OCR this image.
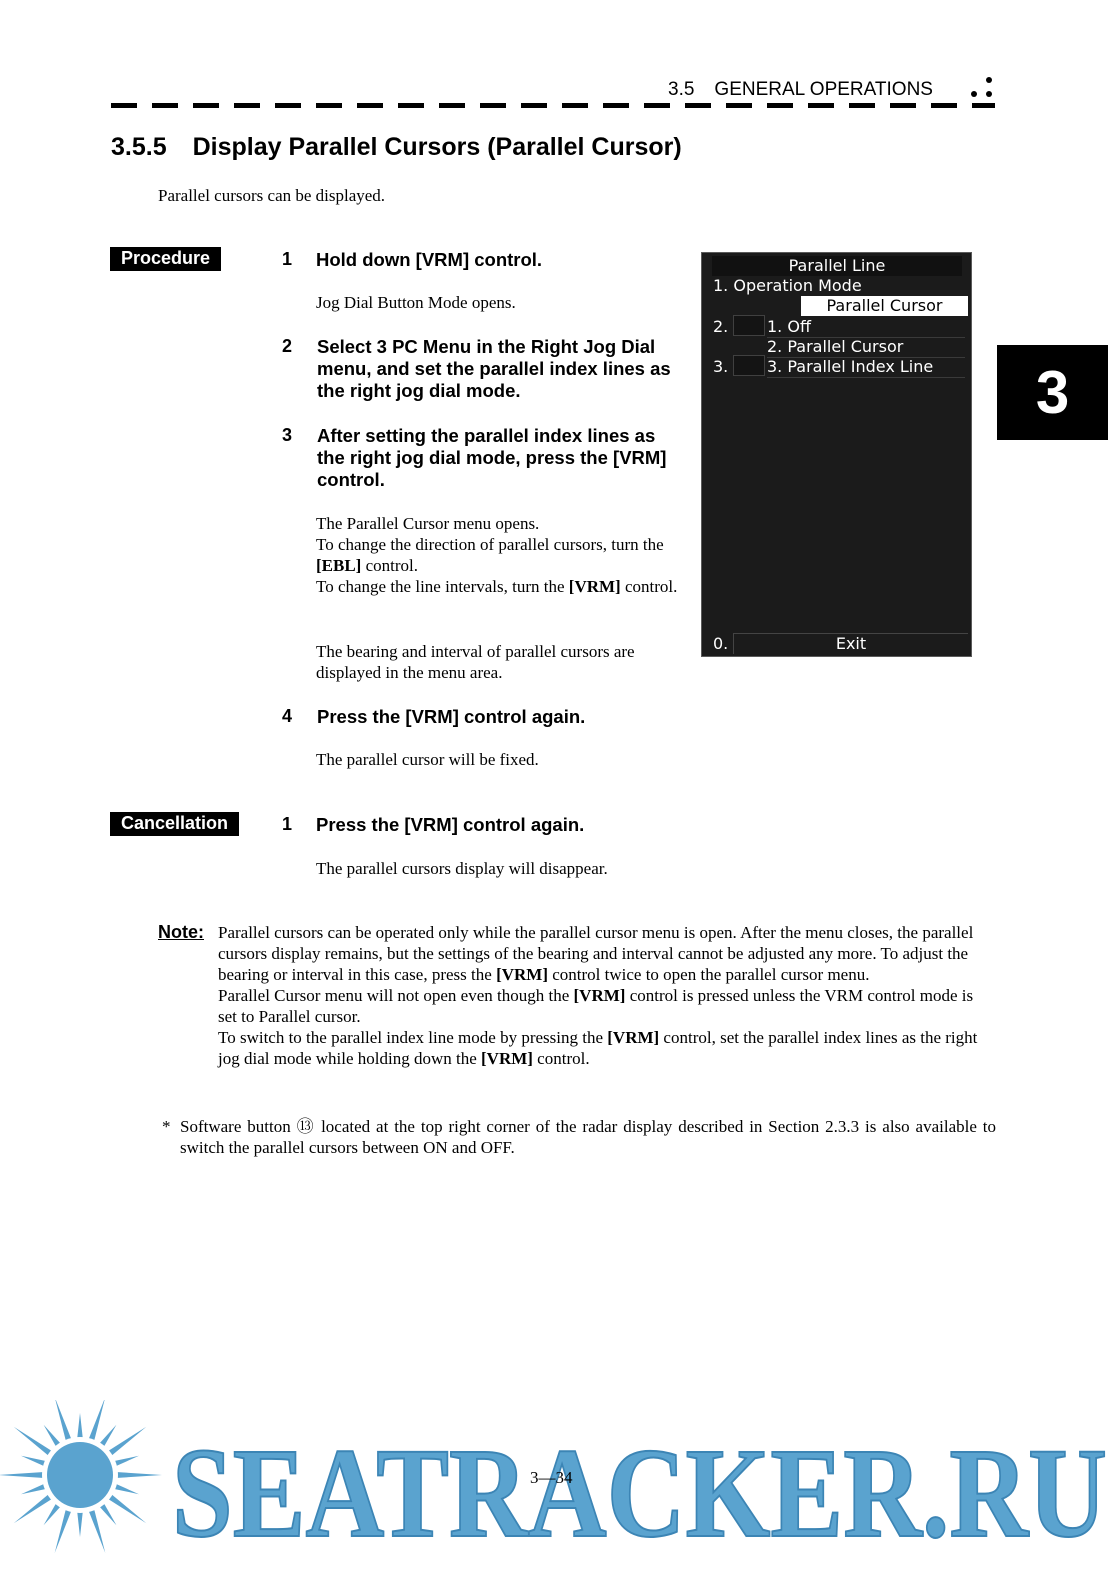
3.5 GENERAL OPERATIONS
3.5.5 Display Parallel Cursors (Parallel Cursor)
Parallel cursors can be displayed.
3
Procedure	1 Hold down [VRM] control.
Jog Dial Button Mode opens.
2 Select 3 PC Menu in the Right Jog Dial menu, and set the parallel index lines as the right jog dial mode.
3 After setting the parallel index lines as the right jog dial mode, press the [VRM] control.
The Parallel Cursor menu opens.
To change the direction of parallel cursors, turn the [EBL] control.
To change the line intervals, turn the [VRM] control.
The bearing and interval of parallel cursors are displayed in the menu area.
4 Press the [VRM] control again.
The parallel cursor will be fixed.
Cancellation	1 Press the [VRM] control again.
The parallel cursors display will disappear.
Parallel Line
1. Operation Mode
Parallel Cursor
2.
3.
1. Off
2. Parallel Cursor
3. Parallel Index Line
0.	Exit
Note: Parallel cursors can be operated only while the parallel cursor menu is open. After the menu closes, the parallel cursors display remains, but the settings of the bearing and interval cannot be adjusted any more. To adjust the bearing or interval in this case, press the [VRM] control twice to open the parallel cursor menu.

Parallel Cursor menu will not open even though the [VRM] control is pressed unless the VRM control mode is set to Parallel cursor.

To switch to the parallel index line mode by pressing the [VRM] control, set the parallel index lines as the right jog dial mode while holding down the [VRM] control.

* Software button ⑬ located at the top right corner of the radar display described in Section 2.3.3 is also available to switch the parallel cursors between ON and OFF.
SEATRACKER.RU
3—34
